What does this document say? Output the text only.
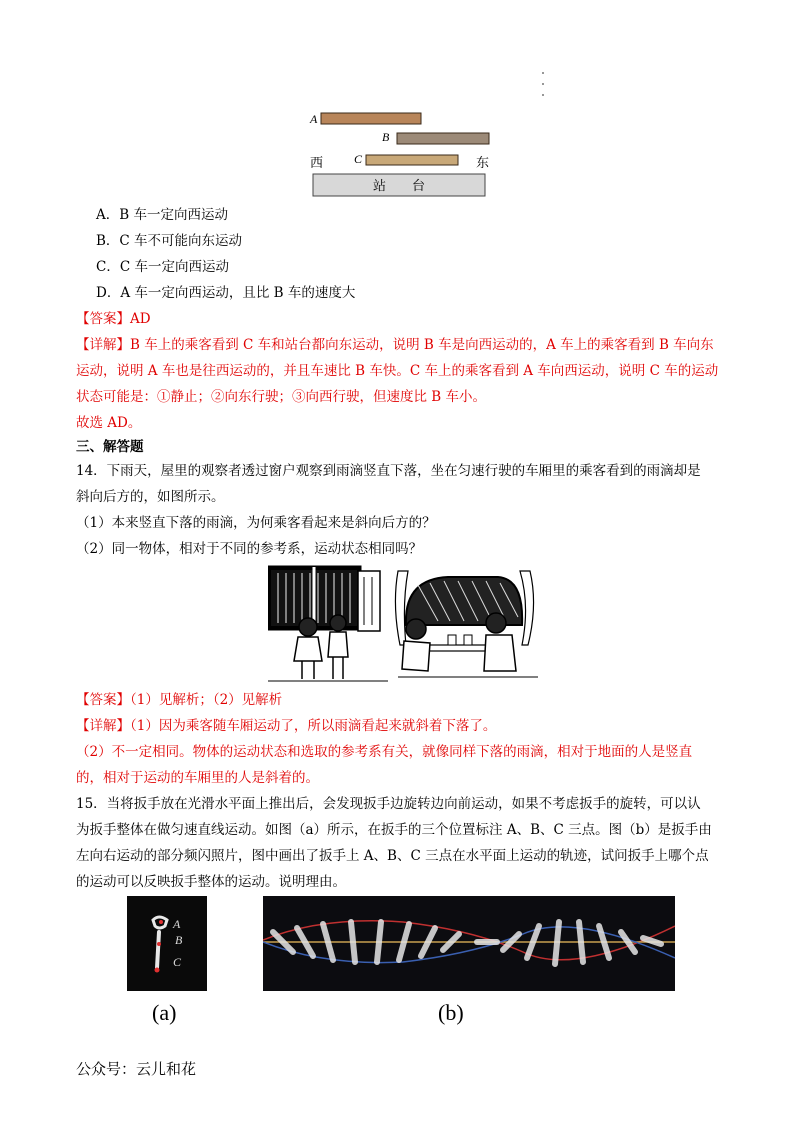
A
B
西	C	东
站　　台
A．B 车一定向西运动
B．C 车不可能向东运动
C．C 车一定向西运动
D．A 车一定向西运动，且比 B 车的速度大
【答案】AD
【详解】B 车上的乘客看到 C 车和站台都向东运动，说明 B 车是向西运动的，A 车上的乘客看到 B 车向东
运动，说明 A 车也是往西运动的，并且车速比 B 车快。C 车上的乘客看到 A 车向西运动，说明 C 车的运动
状态可能是：①静止；②向东行驶；③向西行驶，但速度比 B 车小。
故选 AD。
三、解答题
14．下雨天，屋里的观察者透过窗户观察到雨滴竖直下落，坐在匀速行驶的车厢里的乘客看到的雨滴却是
斜向后方的，如图所示。
（1）本来竖直下落的雨滴，为何乘客看起来是斜向后方的？
（2）同一物体，相对于不同的参考系，运动状态相同吗？
【答案】（1）见解析；（2）见解析
【详解】（1）因为乘客随车厢运动了，所以雨滴看起来就斜着下落了。
（2）不一定相同。物体的运动状态和选取的参考系有关，就像同样下落的雨滴，相对于地面的人是竖直
的，相对于运动的车厢里的人是斜着的。
15．当将扳手放在光滑水平面上推出后，会发现扳手边旋转边向前运动，如果不考虑扳手的旋转，可以认
为扳手整体在做匀速直线运动。如图（a）所示，在扳手的三个位置标注 A、B、C 三点。图（b）是扳手由
左向右运动的部分频闪照片，图中画出了扳手上 A、B、C 三点在水平面上运动的轨迹，试问扳手上哪个点
的运动可以反映扳手整体的运动。说明理由。
A
B
C
(a)	(b)
公众号：云儿和花
